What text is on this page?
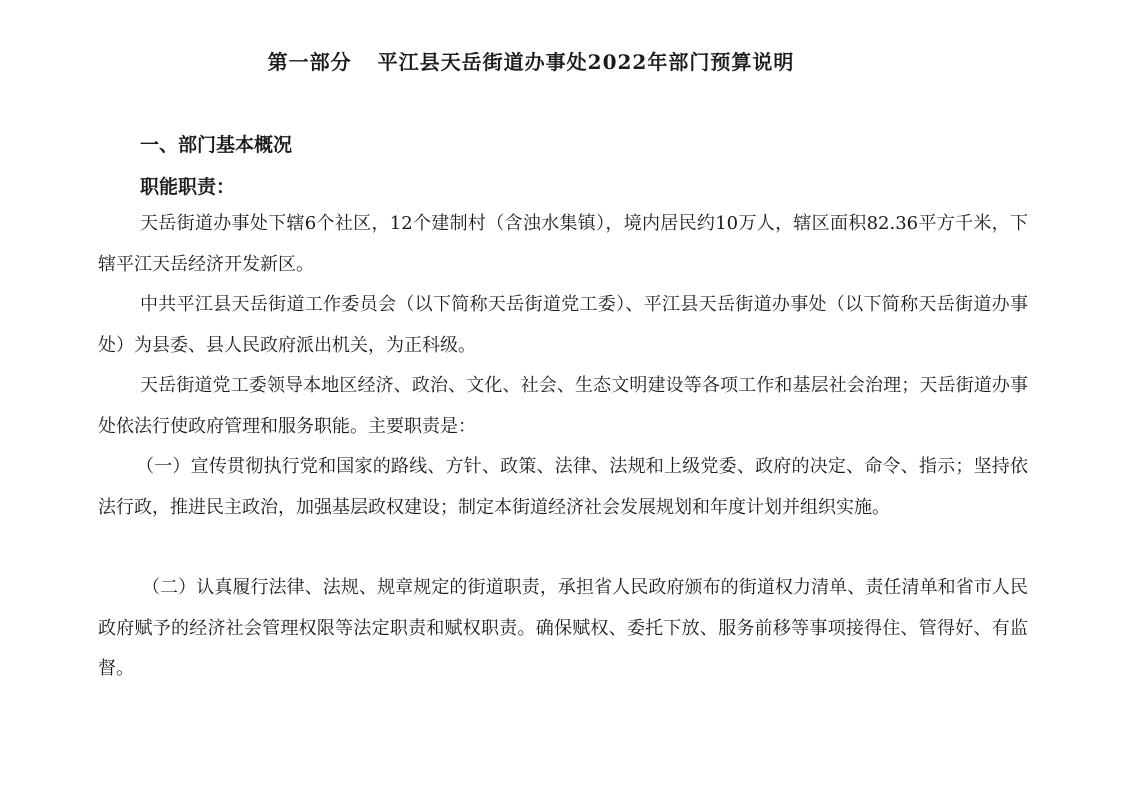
第一部分 平江县天岳街道办事处2022年部门预算说明
一、部门基本概况
职能职责：

天岳街道办事处下辖6个社区，12个建制村（含浊水集镇），境内居民约10万人，辖区面积82.36平方千米，下辖平江天岳经济开发新区。

中共平江县天岳街道工作委员会（以下简称天岳街道党工委）、平江县天岳街道办事处（以下简称天岳街道办事处）为县委、县人民政府派出机关，为正科级。

天岳街道党工委领导本地区经济、政治、文化、社会、生态文明建设等各项工作和基层社会治理；天岳街道办事处依法行使政府管理和服务职能。主要职责是：

（一）宣传贯彻执行党和国家的路线、方针、政策、法律、法规和上级党委、政府的决定、命令、指示；坚持依法行政，推进民主政治，加强基层政权建设；制定本街道经济社会发展规划和年度计划并组织实施。

（二）认真履行法律、法规、规章规定的街道职责，承担省人民政府颁布的街道权力清单、责任清单和省市人民政府赋予的经济社会管理权限等法定职责和赋权职责。确保赋权、委托下放、服务前移等事项接得住、管得好、有监督。
